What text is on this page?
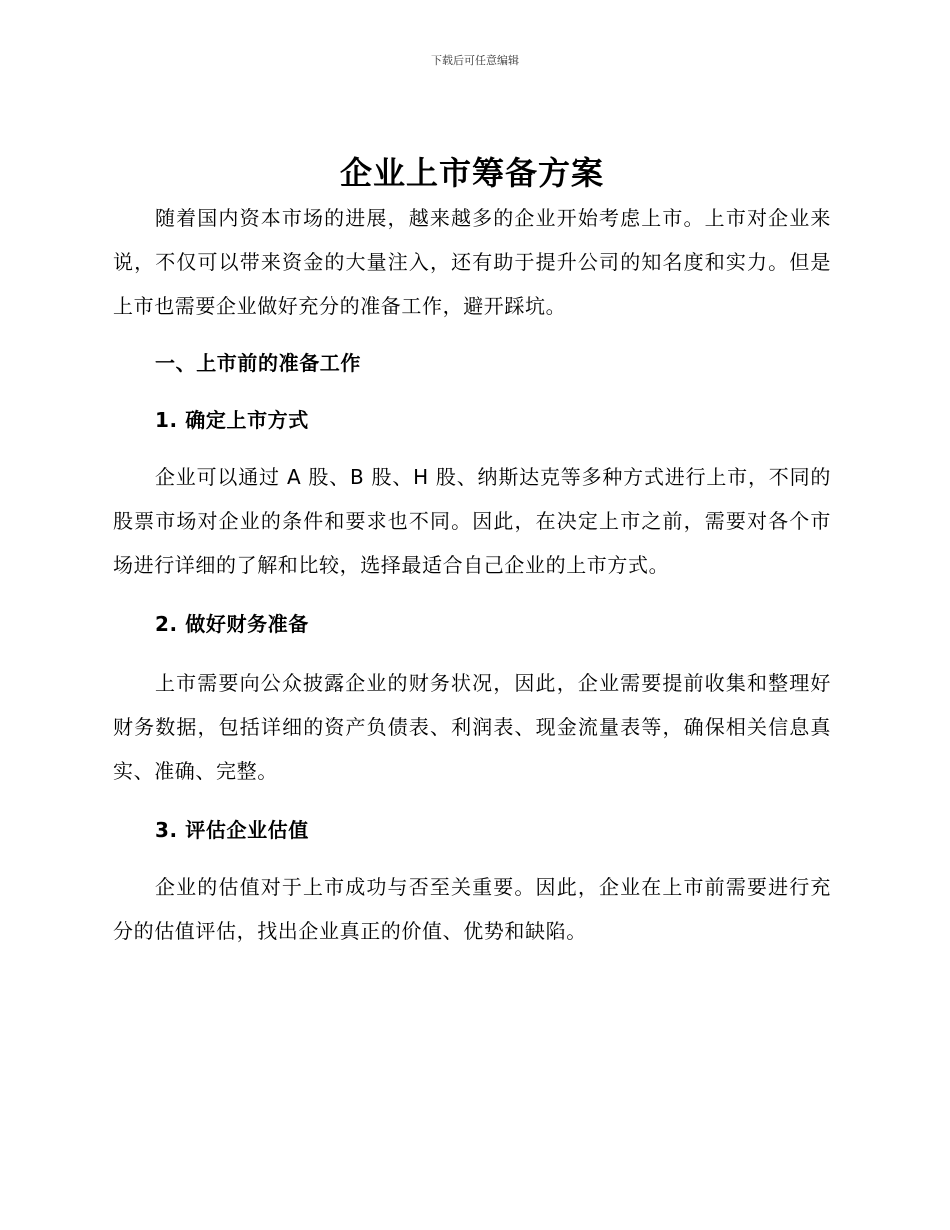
下载后可任意编辑
企业上市筹备方案

随着国内资本市场的进展，越来越多的企业开始考虑上市。上市对企业来说，不仅可以带来资金的大量注入，还有助于提升公司的知名度和实力。但是上市也需要企业做好充分的准备工作，避开踩坑。

一、上市前的准备工作
1. 确定上市方式

企业可以通过 A 股、B 股、H 股、纳斯达克等多种方式进行上市，不同的股票市场对企业的条件和要求也不同。因此，在决定上市之前，需要对各个市场进行详细的了解和比较，选择最适合自己企业的上市方式。

2. 做好财务准备

上市需要向公众披露企业的财务状况，因此，企业需要提前收集和整理好财务数据，包括详细的资产负债表、利润表、现金流量表等，确保相关信息真实、准确、完整。

3. 评估企业估值

企业的估值对于上市成功与否至关重要。因此，企业在上市前需要进行充分的估值评估，找出企业真正的价值、优势和缺陷。
